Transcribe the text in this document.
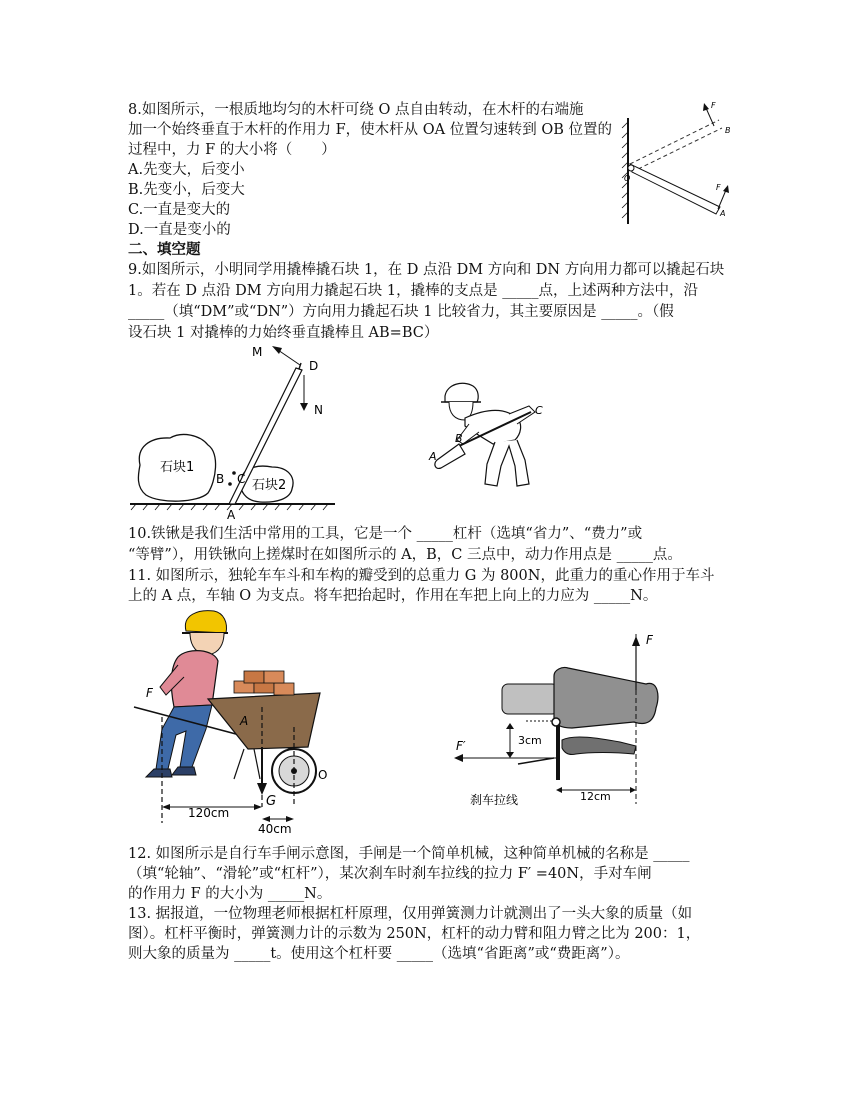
8.如图所示，一根质地均匀的木杆可绕 O 点自由转动，在木杆的右端施
加一个始终垂直于木杆的作用力 F，使木杆从 OA 位置匀速转到 OB 位置的
过程中，力 F 的大小将（　　）
A.先变大，后变小
B.先变小，后变大
C.一直是变大的
D.一直是变小的
F
B
F
A
O
二、填空题
9.如图所示，小明同学用撬棒撬石块 1，在 D 点沿 DM 方向和 DN 方向用力都可以撬起石块
1。若在 D 点沿 DM 方向用力撬起石块 1，撬棒的支点是 _____点，上述两种方法中，沿
_____（填“DM”或“DN”）方向用力撬起石块 1 比较省力，其主要原因是 _____。（假
设石块 1 对撬棒的力始终垂直撬棒且 AB=BC）
M
D
N
石块1
石块2
B C
A
A
B
C
10.铁锹是我们生活中常用的工具，它是一个 _____杠杆（选填“省力”、“费力”或
“等臂”），用铁锹向上搓煤时在如图所示的 A，B，C 三点中，动力作用点是 _____点。
11. 如图所示，独轮车车斗和车构的瓣受到的总重力 G 为 800N，此重力的重心作用于车斗
上的 A 点，车轴 O 为支点。将车把抬起时，作用在车把上向上的力应为 _____N。
F
A
O
G
120cm
40cm
F
F′	3cm
12cm
刹车拉线
12. 如图所示是自行车手闸示意图，手闸是一个简单机械，这种简单机械的名称是 _____
（填“轮轴”、“滑轮”或“杠杆”），某次刹车时刹车拉线的拉力 F′ =40N，手对车闸
的作用力 F 的大小为 _____N。
13. 据报道，一位物理老师根据杠杆原理，仅用弹簧测力计就测出了一头大象的质量（如
图）。杠杆平衡时，弹簧测力计的示数为 250N，杠杆的动力臂和阻力臂之比为 200：1，
则大象的质量为 _____t。使用这个杠杆要 _____（选填“省距离”或“费距离”）。
